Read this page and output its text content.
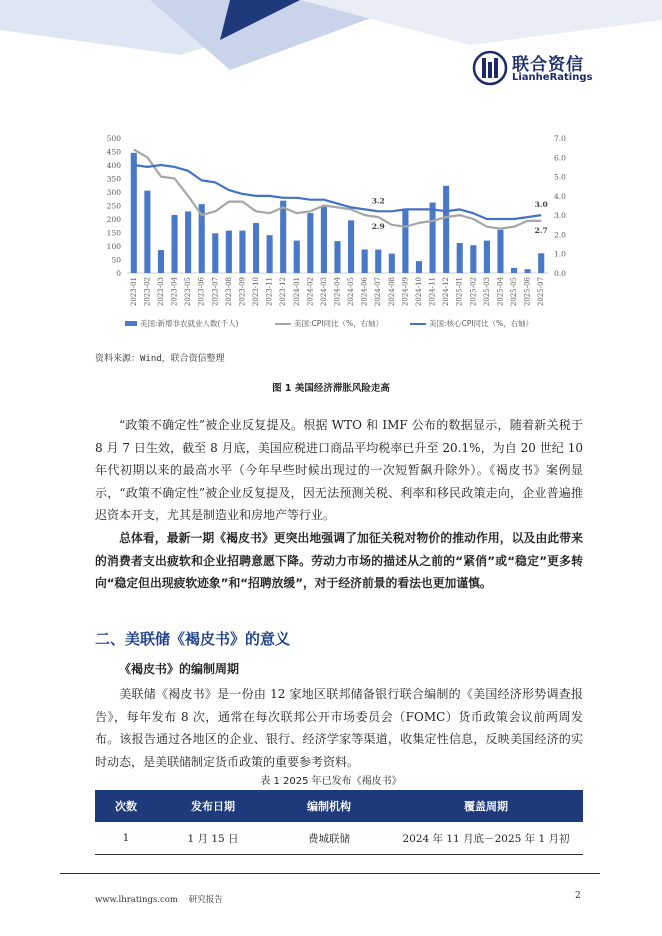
联合资信
LianheRatings
0
50
100
150
200
250
300
350
400
450
500
0.0
1.0
2.0
3.0
4.0
5.0
6.0
7.0
3.2
2.9
3.0
2.7
2023-01 2023-02 2023-03 2023-04 2023-05 2023-06 2023-07 2023-08 2023-09 2023-10 2023-11 2023-12 2024-01 2024-02 2024-03 2024-04 2024-05 2024-06 2024-07 2024-08 2024-09 2024-10 2024-11 2024-12 2025-01 2025-02 2025-03 2025-04 2025-05 2025-06 2025-07
美国:新增非农就业人数(千人)	美国:CPI同比（%，右轴）	美国:核心CPI同比（%，右轴）
资料来源：Wind，联合资信整理
图 1 美国经济滞胀风险走高
“政策不确定性”被企业反复提及。根据 WTO 和 IMF 公布的数据显示，随着新关税于 8 月 7 日生效，截至 8 月底，美国应税进口商品平均税率已升至 20.1%，为自 20 世纪 10 年代初期以来的最高水平（今年早些时候出现过的一次短暂飙升除外）。《褐皮书》案例显示，“政策不确定性”被企业反复提及，因无法预测关税、利率和移民政策走向，企业普遍推迟资本开支，尤其是制造业和房地产等行业。
总体看，最新一期《褐皮书》更突出地强调了加征关税对物价的推动作用，以及由此带来的消费者支出疲软和企业招聘意愿下降。劳动力市场的描述从之前的“紧俏”或“稳定”更多转向“稳定但出现疲软迹象”和“招聘放缓”，对于经济前景的看法也更加谨慎。
二、美联储《褐皮书》的意义
《褐皮书》的编制周期
美联储《褐皮书》是一份由 12 家地区联邦储备银行联合编制的《美国经济形势调查报告》，每年发布 8 次，通常在每次联邦公开市场委员会（FOMC）货币政策会议前两周发布。该报告通过各地区的企业、银行、经济学家等渠道，收集定性信息，反映美国经济的实时动态，是美联储制定货币政策的重要参考资料。
表 1 2025 年已发布《褐皮书》
次数	发布日期	编制机构	覆盖周期
1	1 月 15 日	费城联储	2024 年 11 月底－2025 年 1 月初
www.lhratings.com 研究报告	2
